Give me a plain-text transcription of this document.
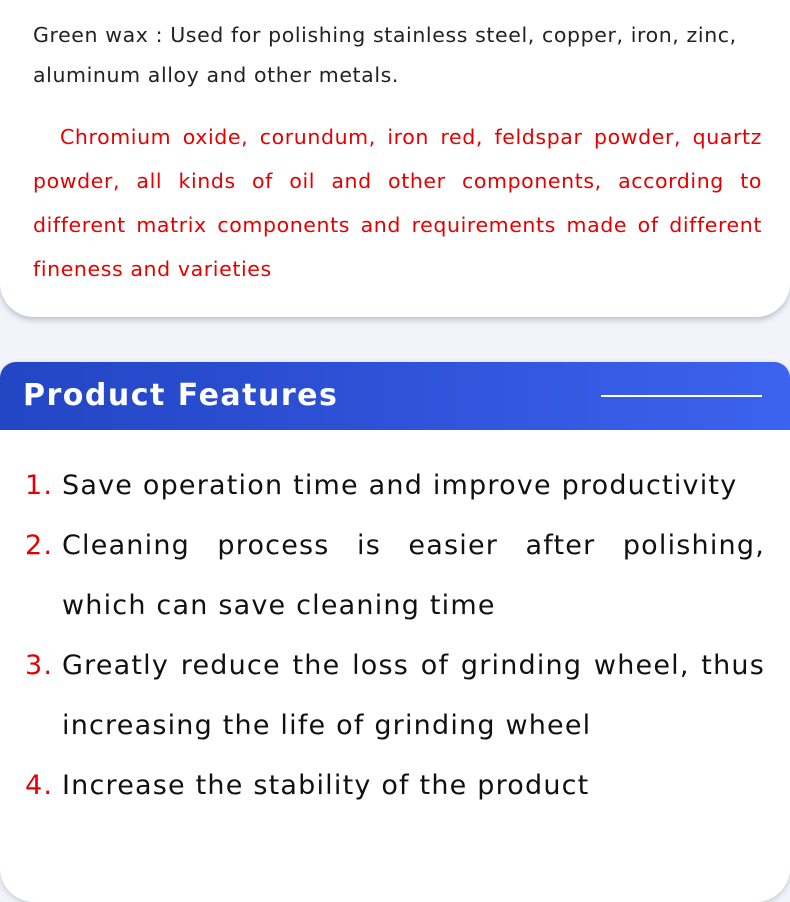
Green wax : Used for polishing stainless steel, copper, iron, zinc, aluminum alloy and other metals.

Chromium oxide, corundum, iron red, feldspar powder, quartz powder, all kinds of oil and other components, according to different matrix components and requirements made of different fineness and varieties

Product Features
1. Save operation time and improve productivity
2. Cleaning process is easier after polishing, which can save cleaning time
3. Greatly reduce the loss of grinding wheel, thus increasing the life of grinding wheel
4. Increase the stability of the product
